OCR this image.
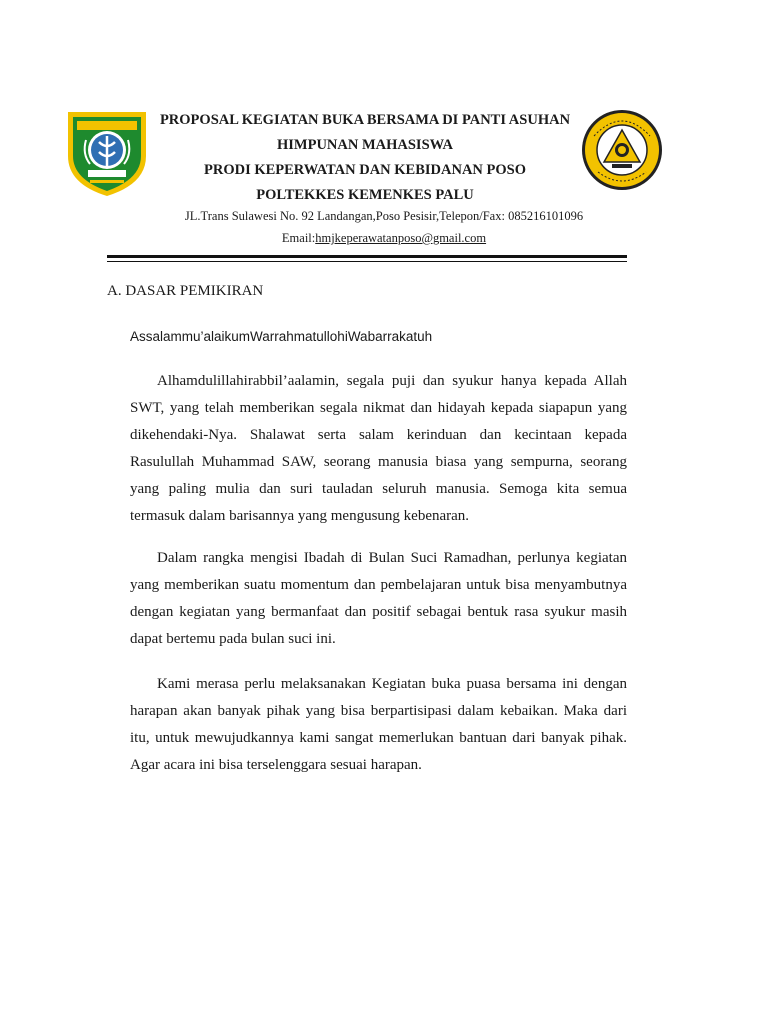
PROPOSAL KEGIATAN BUKA BERSAMA DI PANTI ASUHAN
HIMPUNAN MAHASISWA
PRODI KEPERWATAN DAN KEBIDANAN POSO
POLTEKKES KEMENKES PALU
JL.Trans Sulawesi No. 92 Landangan,Poso Pesisir,Telepon/Fax: 085216101096
Email:hmjkeperawatanposo@gmail.com
A. DASAR PEMIKIRAN
Assalammu’alaikumWarrahmatullohiWabarrakatuh
Alhamdulillahirabbil’aalamin, segala puji dan syukur hanya kepada Allah SWT, yang telah memberikan segala nikmat dan hidayah kepada siapapun yang dikehendaki-Nya. Shalawat serta salam kerinduan dan kecintaan kepada Rasulullah Muhammad SAW, seorang manusia biasa yang sempurna, seorang yang paling mulia dan suri tauladan seluruh manusia. Semoga kita semua termasuk dalam barisannya yang mengusung kebenaran.
Dalam rangka mengisi Ibadah di Bulan Suci Ramadhan, perlunya kegiatan yang memberikan suatu momentum dan pembelajaran untuk bisa menyambutnya dengan kegiatan yang bermanfaat dan positif sebagai bentuk rasa syukur masih dapat bertemu pada bulan suci ini.
Kami merasa perlu melaksanakan Kegiatan buka puasa bersama ini dengan harapan akan banyak pihak yang bisa berpartisipasi dalam kebaikan. Maka dari itu, untuk mewujudkannya kami sangat memerlukan bantuan dari banyak pihak. Agar acara ini bisa terselenggara sesuai harapan.
